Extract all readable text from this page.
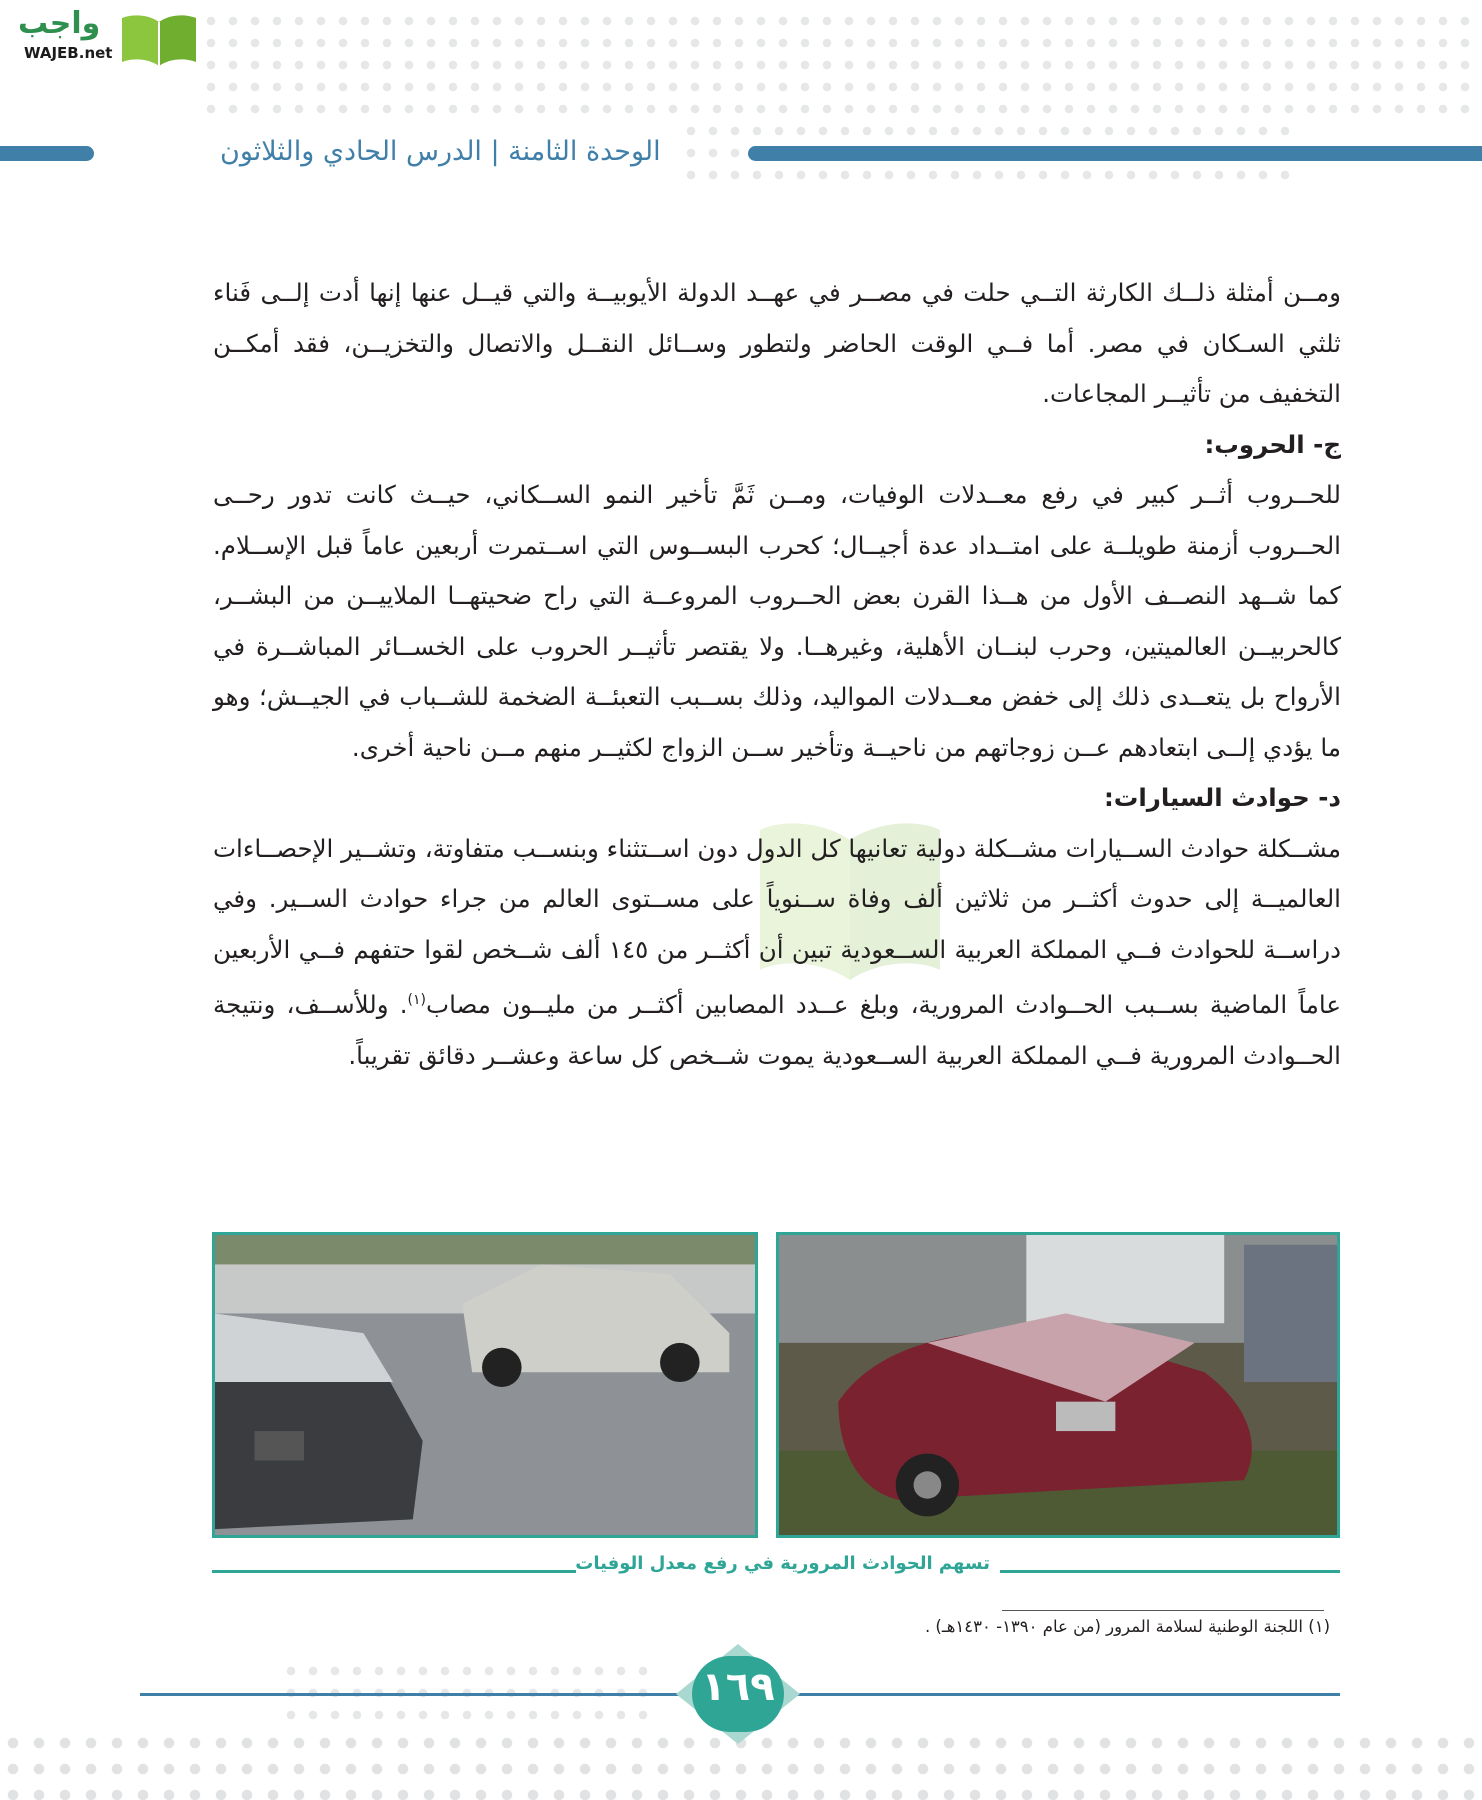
واجب
WAJEB.net
الوحدة الثامنة | الدرس الحادي والثلاثون

ومــن أمثلة ذلــك الكارثة التــي حلت في مصــر في عهــد الدولة الأيوبيــة والتي قيــل عنها إنها أدت إلــى فَناء ثلثي السـكان في مصر. أما فــي الوقت الحاضر ولتطور وســائل النقــل والاتصال والتخزيــن، فقد أمكــن التخفيف من تأثيــر المجاعات.

ج- الحروب:

للحــروب أثــر كبير في رفع معــدلات الوفيات، ومــن ثَمَّ تأخير النمو الســكاني، حيــث كانت تدور رحــى الحــروب أزمنة طويلــة على امتــداد عدة أجيــال؛ كحرب البســوس التي اســتمرت أربعين عاماً قبل الإســلام. كما شــهد النصــف الأول من هــذا القرن بعض الحــروب المروعــة التي راح ضحيتهــا الملاييــن من البشــر، كالحربيــن العالميتين، وحرب لبنــان الأهلية، وغيرهــا. ولا يقتصر تأثيــر الحروب على الخســائر المباشــرة في الأرواح بل يتعــدى ذلك إلى خفض معــدلات المواليد، وذلك بســبب التعبئــة الضخمة للشــباب في الجيــش؛ وهو ما يؤدي إلــى ابتعادهم عــن زوجاتهم من ناحيــة وتأخير ســن الزواج لكثيــر منهم مــن ناحية أخرى.

د- حوادث السيارات:

مشــكلة حوادث الســيارات مشــكلة دولية تعانيها كل الدول دون اســتثناء وبنســب متفاوتة، وتشــير الإحصــاءات العالميــة إلى حدوث أكثــر من ثلاثين ألف وفاة ســنوياً على مســتوى العالم من جراء حوادث الســير. وفي دراســة للحوادث فــي المملكة العربية الســعودية تبين أن أكثــر من ١٤٥ ألف شــخص لقوا حتفهم فــي الأربعين عاماً الماضية بســبب الحــوادث المرورية، وبلغ عــدد المصابين أكثــر من مليــون مصاب$^{(١)}$. وللأســف، ونتيجة الحــوادث المرورية فــي المملكة العربية الســعودية يموت شــخص كل ساعة وعشــر دقائق تقريباً.

تسهم الحوادث المرورية في رفع معدل الوفيات
(١) اللجنة الوطنية لسلامة المرور (من عام ١٣٩٠- ١٤٣٠هـ) .
١٦٩
